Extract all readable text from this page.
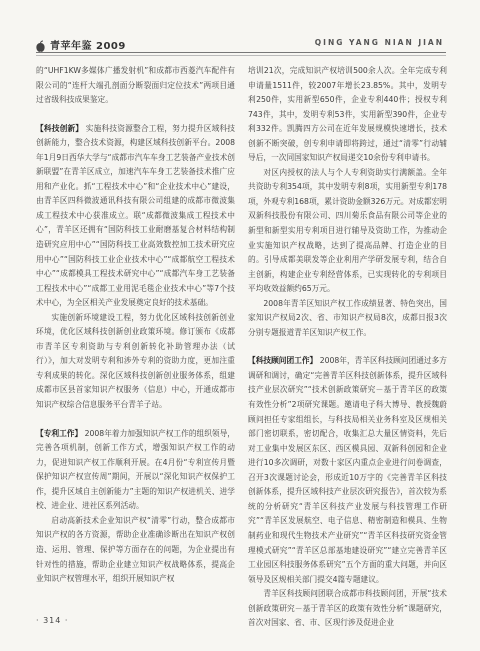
青苹年鉴 2009	QING YANG NIAN JIAN

的“UHF1KW多媒体广播发射机”和成都市西菱汽车配件有限公司的“连杆大端孔剖面分断裂面归定位技术”两项目通过省级科技成果鉴定。

【科技创新】 实施科技资源整合工程，努力提升区域科技创新能力，整合技术资源，构建区域科技创新平台。2008年1月9日西华大学与“成都市汽车车身工艺装备产业技术创新联盟”在青羊区成立，加速汽车车身工艺装备技术推广应用和产业化。抓“工程技术中心”和“企业技术中心”建设，由青羊区四科微波通讯科技有限公司组建的成都市微波集成工程技术中心获准成立。联“成都微波集成工程技术中心”，青羊区还拥有“国防科技工业耐磨基复合材料结构制造研究应用中心”“国防科技工业高效数控加工技术研究应用中心”“国防科技工业企业技术中心”“成都航空工程技术中心”“成都模具工程技术研究中心”“成都汽车身工艺装备工程技术中心”“成都工业用泥毛毯企业技术中心”等7个技术中心，为全区相关产业发展奠定良好的技术基础。

实施创新环境建设工程，努力优化区域科技创新创业环境，优化区域科技创新创业政策环境。修订颁布《成都市青羊区专利资助与专利创新转化补助管理办法（试行）》，加大对发明专利和涉外专利的资助力度，更加注重专利成果的转化。深化区域科技创新创业服务体系，组建成都市区县首家知识产权服务（信息）中心，开通成都市知识产权综合信息服务平台青羊子站。

【专利工作】 2008年着力加强知识产权工作的组织领导，完善各项机制，创新工作方式，增强知识产权工作的动力，促进知识产权工作顺利开展。在4月份“专利宣传月暨保护知识产权宣传周”期间，开展以“深化知识产权保护工作，提升区域自主创新能力”主题的知识产权进机关、进学校、进企业、进社区系列活动。

启动高新技术企业知识产权“清零”行动，整合成都市知识产权的各方资源，帮助企业准确诊断出在知识产权创造、运用、管理、保护等方面存在的问题，为企业提出有针对性的措施，帮助企业建立知识产权战略体系，提高企业知识产权管理水平，组织开展知识产权

培训21次，完成知识产权培训500余人次。全年完成专利申请量1511件，较2007年增长23.85%。其中，发明专利250件，实用新型650件，企业专利440件；授权专利743件，其中，发明专利53件，实用新型390件，企业专利332件。凯腾四方公司在近年发展规模快速增长，技术创新不断突破，创专利申请即将跨过，通过“清零”行动辅导后，一次同国家知识产权局递交10余份专利申请书。

对区内授权的法人与个人专利资助实行满额盖。全年共资助专利354项，其中发明专利8项，实用新型专利178项，外观专利168项，累计资助金额326万元。对成都宏明双新科技股份有限公司、四川菊乐食品有限公司等企业的新型和新型实用专利项目进行辅导及资助工作，为推动企业实施知识产权战略，达到了提高品牌、打造企业的目的。引导成都美联发等企业利用产学研发展专利，结合自主创新，构建企业专利经营体系，已实现转化的专利项目平均收效益额约65万元。

2008年青羊区知识产权工作成绩显著、特色突出，国家知识产权局2次、省、市知识产权局8次，成都日报3次分别专题报道青羊区知识产权工作。

【科技顾问团工作】 2008年，青羊区科技顾问团通过多方调研和调讨，确定“完善青羊区科技创新体系，提升区域科技产业层次研究”“技术创新政策研究－基于青羊区的政策有效性分析”2项研究课题。邀请电子科大博导、教授魏蔚顾问担任专家组组长，与科技局相关业务科室及区规相关部门密切联系，密切配合，收集汇总大量区情资料，先后对工业集中发展区东区、西区模具园、双新科创园和企业进行10多次调研，对数十家区内重点企业进行问卷调查，召开3次课题讨论会，形成近10万字的《完善青羊区科技创新体系，提升区域科技产业层次研究报告》，首次较为系统的分析研究“青羊区科技产业发展与科技管理工作研究”“青羊区发展航空、电子信息、精密制造和模具、生物制药业和现代生物技术产业研究”“青羊区科技研究资金管理模式研究”“青羊区总部基地建设研究”“建立完善青羊区工业园区科技服务体系研究”五个方面的重大问题，并向区领导及区规相关部门提交4篇专题建议。

青羊区科技顾问团联合成都市科技顾问团，开展“技术创新政策研究－基于青羊区的政策有效性分析”课题研究，首次对国家、省、市、区现行涉及促进企业

· 314 ·
